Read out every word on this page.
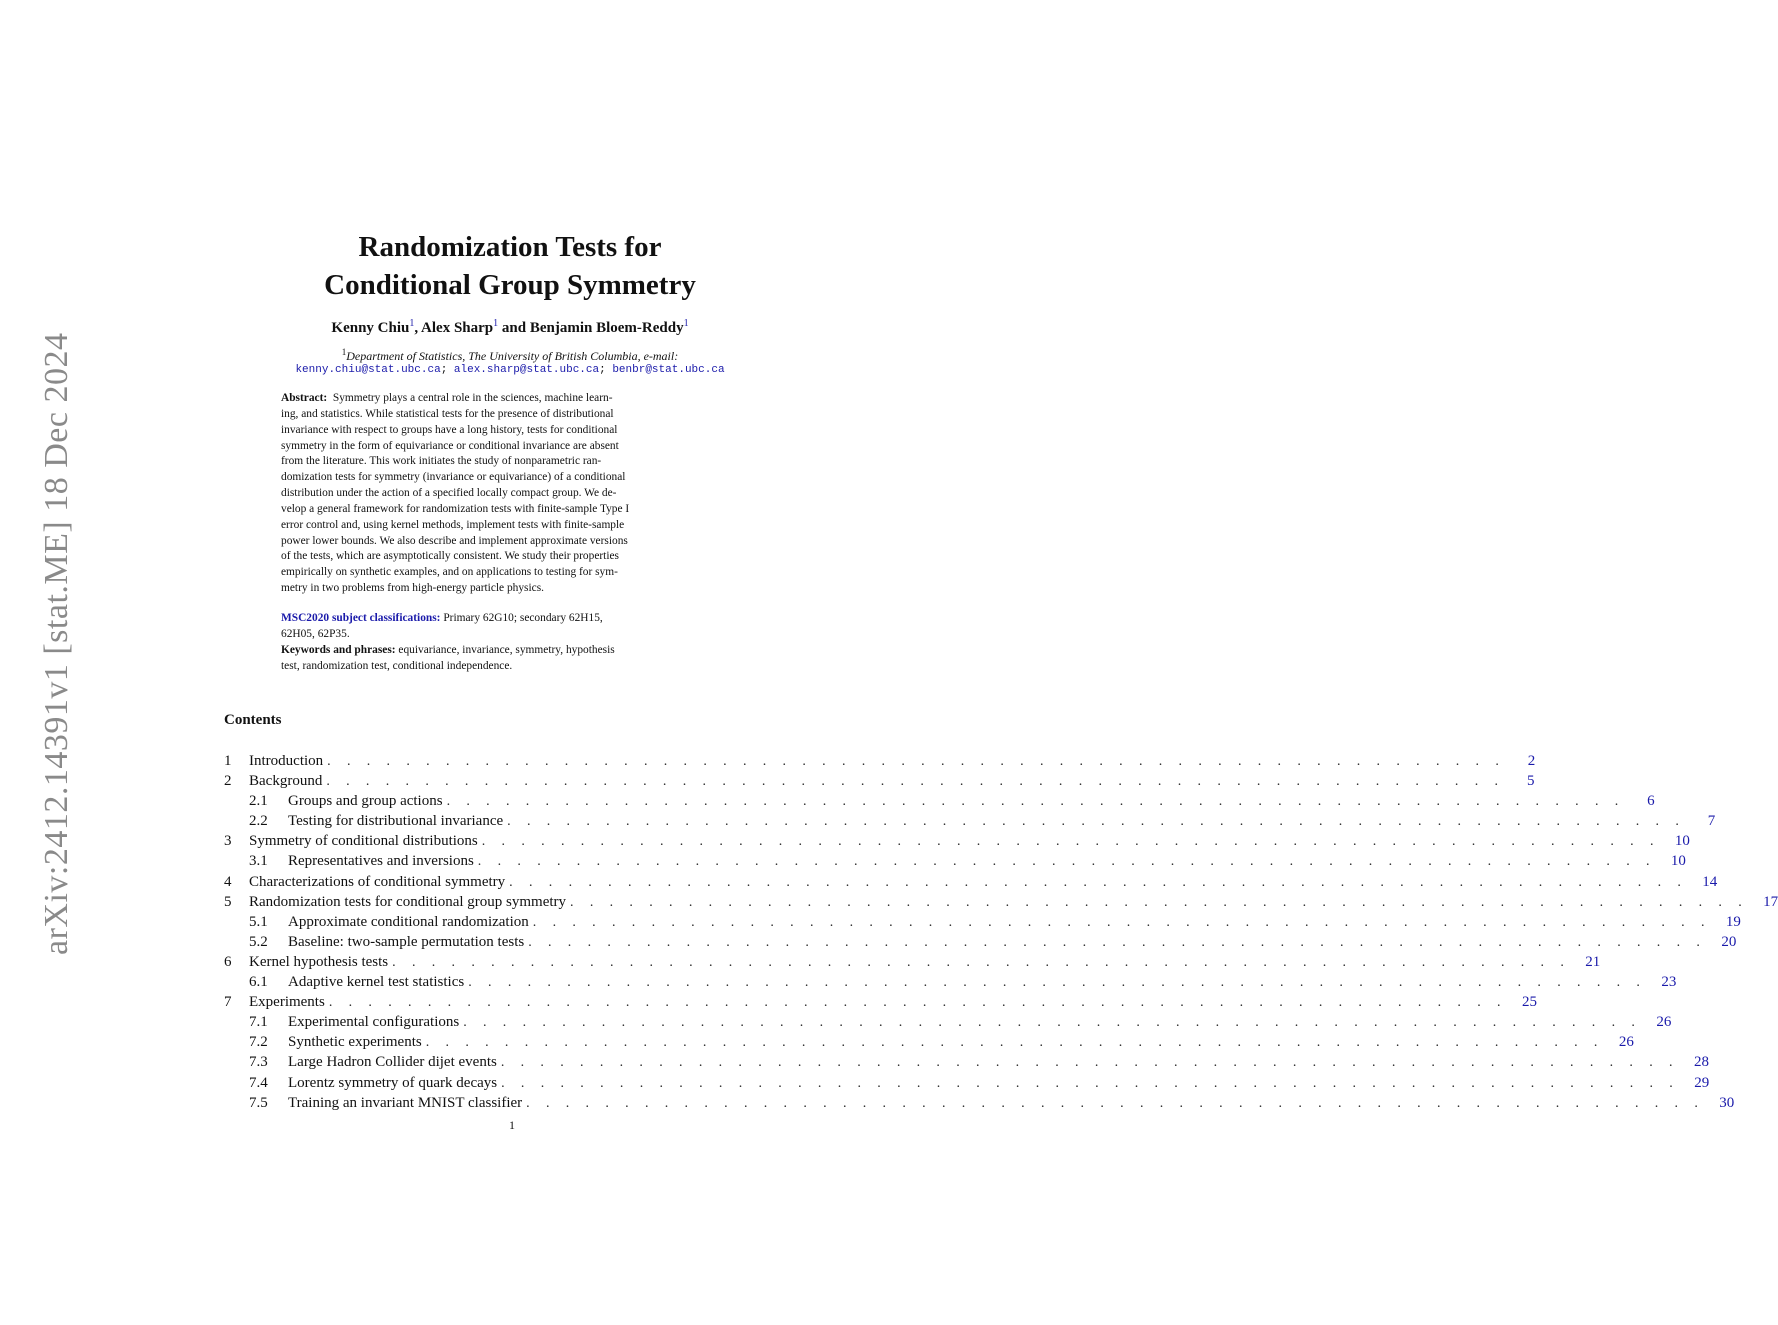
arXiv:2412.14391v1 [stat.ME] 18 Dec 2024
Randomization Tests for
Conditional Group Symmetry
Kenny Chiu$^1$, Alex Sharp$^1$ and Benjamin Bloem-Reddy$^1$
$^1$Department of Statistics, The University of British Columbia, e-mail:
kenny.chiu@stat.ubc.ca; alex.sharp@stat.ubc.ca; benbr@stat.ubc.ca
Abstract: Symmetry plays a central role in the sciences, machine learn-
ing, and statistics. While statistical tests for the presence of distributional
invariance with respect to groups have a long history, tests for conditional
symmetry in the form of equivariance or conditional invariance are absent
from the literature. This work initiates the study of nonparametric ran-
domization tests for symmetry (invariance or equivariance) of a conditional
distribution under the action of a specified locally compact group. We de-
velop a general framework for randomization tests with finite-sample Type I
error control and, using kernel methods, implement tests with finite-sample
power lower bounds. We also describe and implement approximate versions
of the tests, which are asymptotically consistent. We study their properties
empirically on synthetic examples, and on applications to testing for sym-
metry in two problems from high-energy particle physics.
MSC2020 subject classifications: Primary 62G10; secondary 62H15,
62H05, 62P35.
Keywords and phrases: equivariance, invariance, symmetry, hypothesis
test, randomization test, conditional independence.
Contents
1	Introduction . . . . . . . . . . . . . . . . . . . . . . . . . . . . . . . . . . . . . . . . . . . . . . . . . . . . . . . . . . . .	2
2	Background . . . . . . . . . . . . . . . . . . . . . . . . . . . . . . . . . . . . . . . . . . . . . . . . . . . . . . . . . . . .	5
2.1	Groups and group actions . . . . . . . . . . . . . . . . . . . . . . . . . . . . . . . . . . . . . . . . . . . . . . . . . . . . . . . . . . . .	6
2.2	Testing for distributional invariance . . . . . . . . . . . . . . . . . . . . . . . . . . . . . . . . . . . . . . . . . . . . . . . . . . . . . . . . . . . .	7
3	Symmetry of conditional distributions . . . . . . . . . . . . . . . . . . . . . . . . . . . . . . . . . . . . . . . . . . . . . . . . . . . . . . . . . . . .	10
3.1	Representatives and inversions . . . . . . . . . . . . . . . . . . . . . . . . . . . . . . . . . . . . . . . . . . . . . . . . . . . . . . . . . . . .	10
4	Characterizations of conditional symmetry . . . . . . . . . . . . . . . . . . . . . . . . . . . . . . . . . . . . . . . . . . . . . . . . . . . . . . . . . . . .	14
5	Randomization tests for conditional group symmetry . . . . . . . . . . . . . . . . . . . . . . . . . . . . . . . . . . . . . . . . . . . . . . . . . . . . . . . . . . . .	17
5.1	Approximate conditional randomization . . . . . . . . . . . . . . . . . . . . . . . . . . . . . . . . . . . . . . . . . . . . . . . . . . . . . . . . . . . .	19
5.2	Baseline: two-sample permutation tests . . . . . . . . . . . . . . . . . . . . . . . . . . . . . . . . . . . . . . . . . . . . . . . . . . . . . . . . . . . .	20
6	Kernel hypothesis tests . . . . . . . . . . . . . . . . . . . . . . . . . . . . . . . . . . . . . . . . . . . . . . . . . . . . . . . . . . . .	21
6.1	Adaptive kernel test statistics . . . . . . . . . . . . . . . . . . . . . . . . . . . . . . . . . . . . . . . . . . . . . . . . . . . . . . . . . . . .	23
7	Experiments . . . . . . . . . . . . . . . . . . . . . . . . . . . . . . . . . . . . . . . . . . . . . . . . . . . . . . . . . . . .	25
7.1	Experimental configurations . . . . . . . . . . . . . . . . . . . . . . . . . . . . . . . . . . . . . . . . . . . . . . . . . . . . . . . . . . . .	26
7.2	Synthetic experiments . . . . . . . . . . . . . . . . . . . . . . . . . . . . . . . . . . . . . . . . . . . . . . . . . . . . . . . . . . . .	26
7.3	Large Hadron Collider dijet events . . . . . . . . . . . . . . . . . . . . . . . . . . . . . . . . . . . . . . . . . . . . . . . . . . . . . . . . . . . .	28
7.4	Lorentz symmetry of quark decays . . . . . . . . . . . . . . . . . . . . . . . . . . . . . . . . . . . . . . . . . . . . . . . . . . . . . . . . . . . .	29
7.5	Training an invariant MNIST classifier . . . . . . . . . . . . . . . . . . . . . . . . . . . . . . . . . . . . . . . . . . . . . . . . . . . . . . . . . . . .	30
1
